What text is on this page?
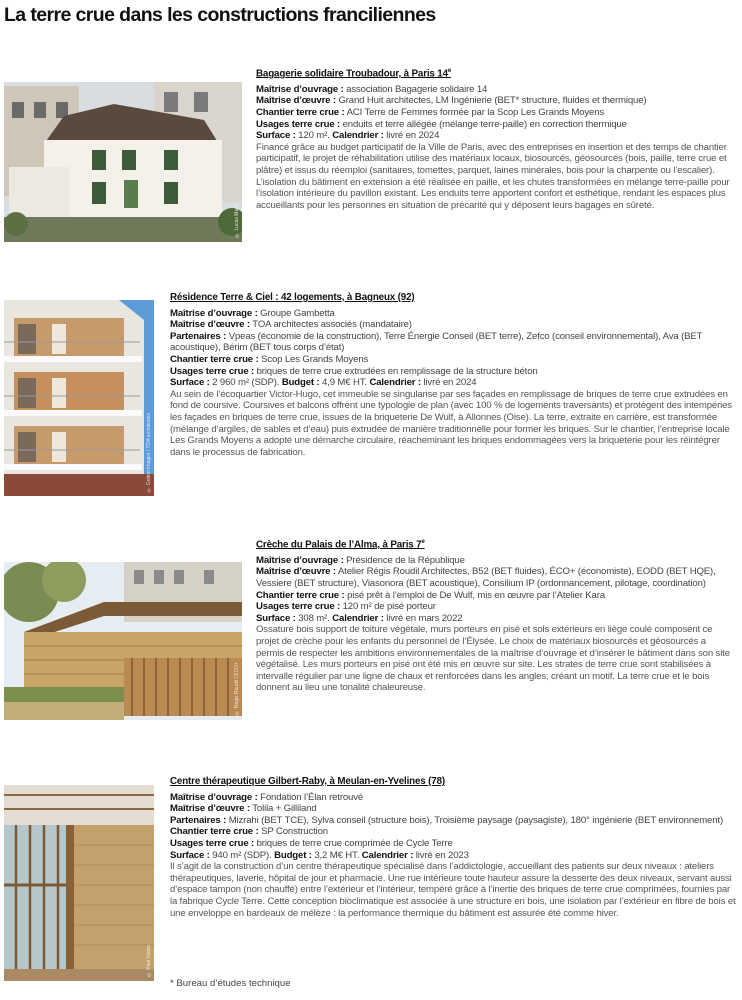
La terre crue dans les constructions franciliennes
© Lucas Mau

Bagagerie solidaire Troubadour, à Paris 14e

Maîtrise d’ouvrage : association Bagagerie solidaire 14

Maîtrise d’œuvre : Grand Huit architectes, LM Ingénierie (BET* structure, fluides et thermique)

Chantier terre crue : ACI Terre de Femmes formée par la Scop Les Grands Moyens

Usages terre crue : enduits et terre allégée (mélange terre-paille) en correction thermique

Surface : 120 m². Calendrier : livré en 2024

Financé grâce au budget participatif de la Ville de Paris, avec des entreprises en insertion et des temps de chantier participatif, le projet de réhabilitation utilise des matériaux locaux, biosourcés, géosourcés (bois, paille, terre crue et plâtre) et issus du réemploi (sanitaires, tomettes, parquet, laines minérales, bois pour la charpente ou l’escalier). L’isolation du bâtiment en extension a été réalisée en paille, et les chutes transformées en mélange terre-paille pour l’isolation intérieure du pavillon existant. Les enduits terre apportent confort et esthétique, rendant les espaces plus accueillants pour les personnes en situation de précarité qui y déposent leurs bagages en sûreté.

© Golem Images / TOA architectes

Résidence Terre & Ciel : 42 logements, à Bagneux (92)

Maîtrise d’ouvrage : Groupe Gambetta

Maîtrise d’œuvre : TOA architectes associés (mandataire)

Partenaires : Vpeas (économie de la construction), Terre Énergie Conseil (BET terre), Zefco (conseil environnemental), Ava (BET acoustique), Bérim (BET tous corps d’état)

Chantier terre crue : Scop Les Grands Moyens

Usages terre crue : briques de terre crue extrudées en remplissage de la structure béton

Surface : 2 960 m² (SDP). Budget : 4,9 M€ HT. Calendrier : livré en 2024

Au sein de l’écoquartier Victor-Hugo, cet immeuble se singularise par ses façades en remplissage de briques de terre crue extrudées en fond de coursive. Coursives et balcons offrent une typologie de plan (avec 100 % de logements traversants) et protègent des intempéries les façades en briques de terre crue, issues de la briqueterie De Wulf, à Allonnes (Oise). La terre, extraite en carrière, est transformée (mélange d’argiles, de sables et d’eau) puis extrudée de manière traditionnelle pour former les briques. Sur le chantier, l’entreprise locale Les Grands Moyens a adopté une démarche circulaire, réacheminant les briques endommagées vers la briqueterie pour les réintégrer dans le processus de fabrication.

© Régis Roudil / ÉCO+

Crèche du Palais de l’Alma, à Paris 7e

Maîtrise d’ouvrage : Présidence de la République

Maîtrise d’œuvre : Atelier Régis Roudil Architectes, B52 (BET fluides), ÉCO+ (économiste), EODD (BET HQE), Vessiere (BET structure), Viasonora (BET acoustique), Consilium IP (ordonnancement, pilotage, coordination)

Chantier terre crue : pisé prêt à l’emploi de De Wulf, mis en œuvre par l’Atelier Kara

Usages terre crue : 120 m² de pisé porteur

Surface : 308 m². Calendrier : livré en mars 2022

Ossature bois support de toiture végétale, murs porteurs en pisé et sols extérieurs en liège coulé composent ce projet de crèche pour les enfants du personnel de l’Élysée. Le choix de matériaux biosourcés et géosourcés a permis de respecter les ambitions environnementales de la maîtrise d’ouvrage et d’insérer le bâtiment dans son site végétalisé. Les murs porteurs en pisé ont été mis en œuvre sur site. Les strates de terre crue sont stabilisées à intervalle régulier par une ligne de chaux et renforcées dans les angles, créant un motif. La terre crue et le bois donnent au lieu une tonalité chaleureuse.

© Paul Voisin

Centre thérapeutique Gilbert-Raby, à Meulan-en-Yvelines (78)

Maîtrise d’ouvrage : Fondation l’Élan retrouvé

Maîtrise d’œuvre : Tolila + Gilliland

Partenaires : Mizrahi (BET TCE), Sylva conseil (structure bois), Troisième paysage (paysagiste), 180° ingénierie (BET environnement)

Chantier terre crue : SP Construction

Usages terre crue : briques de terre crue comprimée de Cycle Terre

Surface : 940 m² (SDP). Budget : 3,2 M€ HT. Calendrier : livré en 2023

Il s’agit de la construction d’un centre thérapeutique spécialisé dans l’addictologie, accueillant des patients sur deux niveaux : ateliers thérapeutiques, laverie, hôpital de jour et pharmacie. Une rue intérieure toute hauteur assure la desserte des deux niveaux, servant aussi d’espace tampon (non chauffé) entre l’extérieur et l’intérieur, tempéré grâce à l’inertie des briques de terre crue comprimées, fournies par la fabrique Cycle Terre. Cette conception bioclimatique est associée à une structure en bois, une isolation par l’extérieur en fibre de bois et une enveloppe en bardeaux de mélèze : la performance thermique du bâtiment est assurée été comme hiver.

* Bureau d’études technique
